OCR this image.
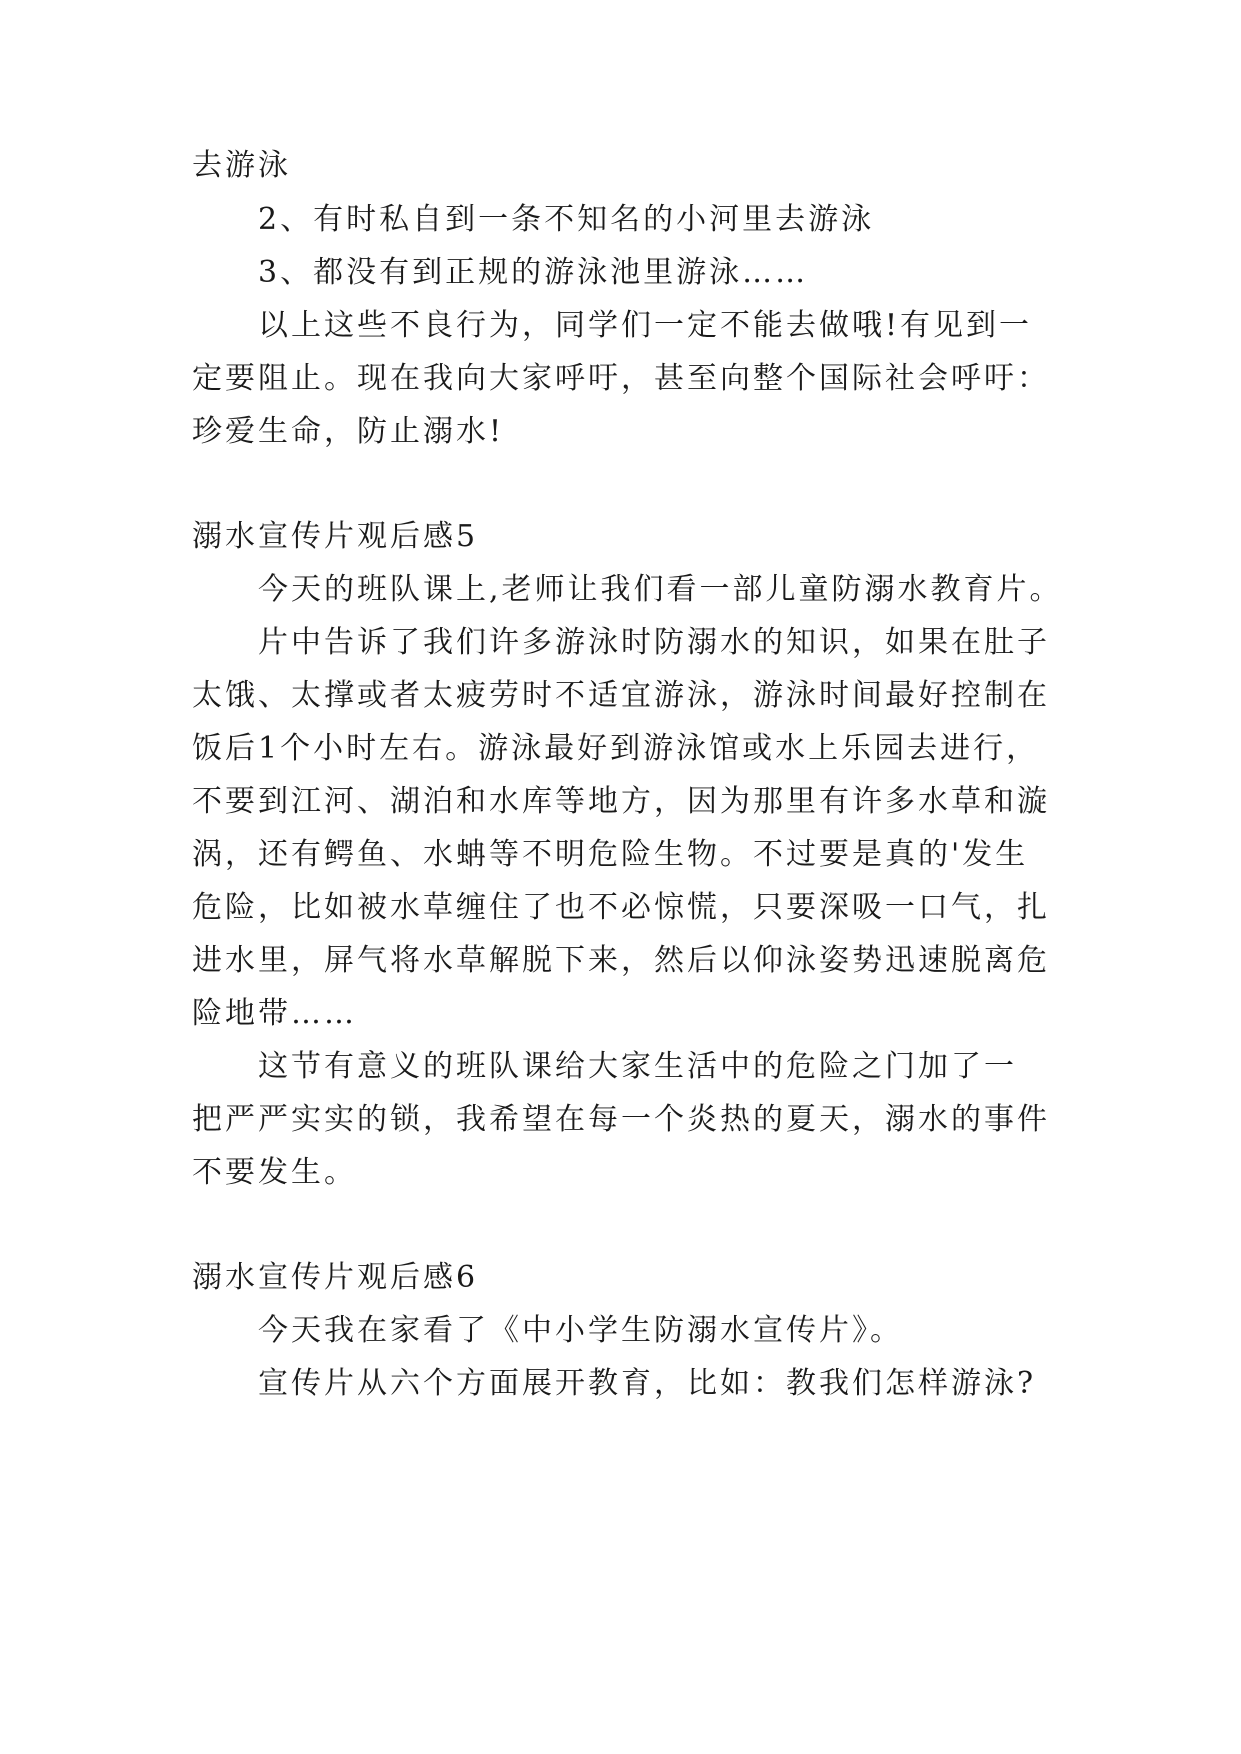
去游泳
2、有时私自到一条不知名的小河里去游泳
3、都没有到正规的游泳池里游泳……
以上这些不良行为，同学们一定不能去做哦!有见到一
定要阻止。现在我向大家呼吁，甚至向整个国际社会呼吁：
珍爱生命，防止溺水!
溺水宣传片观后感5
今天的班队课上,老师让我们看一部儿童防溺水教育片。
片中告诉了我们许多游泳时防溺水的知识，如果在肚子
太饿、太撑或者太疲劳时不适宜游泳，游泳时间最好控制在
饭后1个小时左右。游泳最好到游泳馆或水上乐园去进行，
不要到江河、湖泊和水库等地方，因为那里有许多水草和漩
涡，还有鳄鱼、水蚺等不明危险生物。不过要是真的'发生
危险，比如被水草缠住了也不必惊慌，只要深吸一口气，扎
进水里，屏气将水草解脱下来，然后以仰泳姿势迅速脱离危
险地带……
这节有意义的班队课给大家生活中的危险之门加了一
把严严实实的锁，我希望在每一个炎热的夏天，溺水的事件
不要发生。
溺水宣传片观后感6
今天我在家看了《中小学生防溺水宣传片》。
宣传片从六个方面展开教育，比如：教我们怎样游泳?
